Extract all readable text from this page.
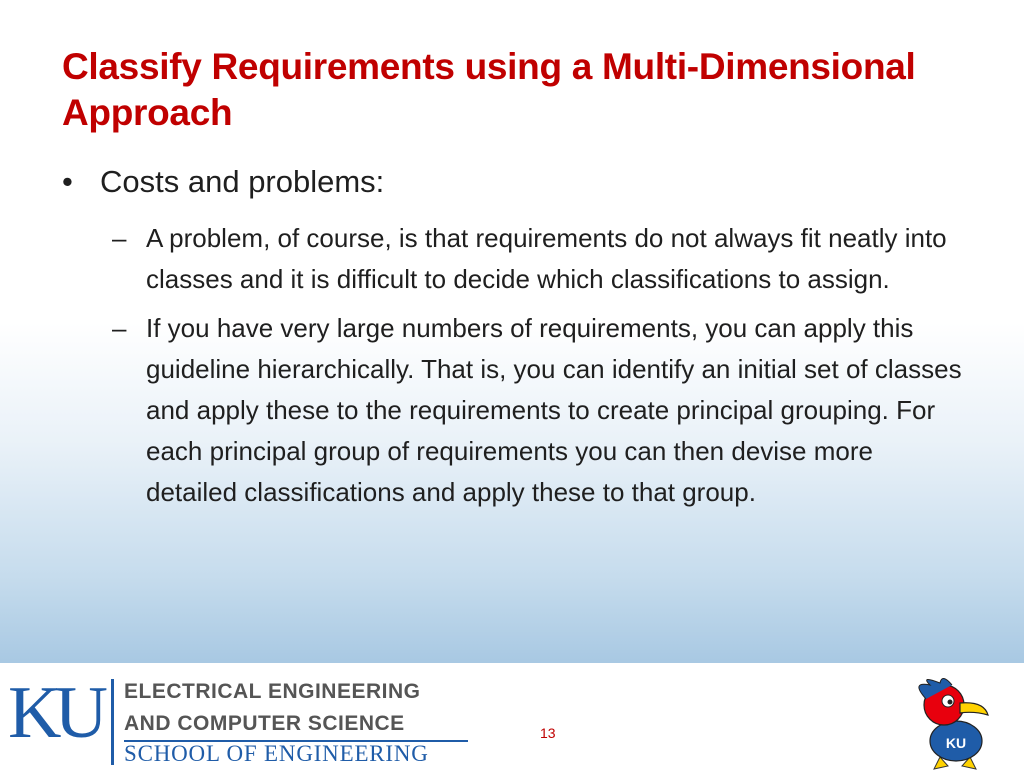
Classify Requirements using a Multi-Dimensional Approach
• Costs and problems:
– A problem, of course, is that requirements do not always fit neatly into classes and it is difficult to decide which classifications to assign.
– If you have very large numbers of requirements, you can apply this guideline hierarchically. That is, you can identify an initial set of classes and apply these to the requirements to create principal grouping. For each principal group of requirements you can then devise more detailed classifications and apply these to that group.
KU ELECTRICAL ENGINEERING
AND COMPUTER SCIENCE
SCHOOL OF ENGINEERING
13
KU
